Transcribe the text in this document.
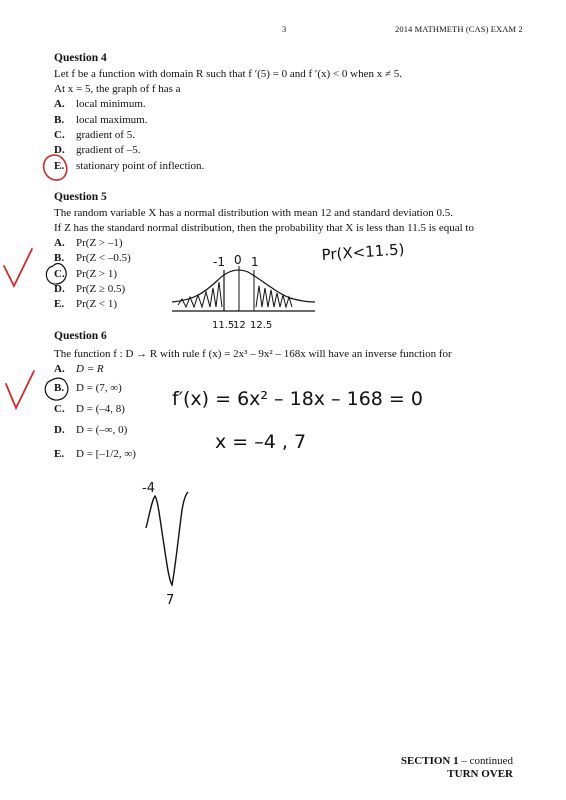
3	2014 MATHMETH (CAS) EXAM 2
Question 4
Let f be a function with domain R such that f ′(5) = 0 and f ′(x) < 0 when x ≠ 5.
At x = 5, the graph of f has a
A. local minimum.
B. local maximum.
C. gradient of 5.
D. gradient of –5.
E. stationary point of inflection.
Question 5
The random variable X has a normal distribution with mean 12 and standard deviation 0.5.
If Z has the standard normal distribution, then the probability that X is less than 11.5 is equal to
A. Pr(Z > –1)
B. Pr(Z < –0.5)
C. Pr(Z > 1)
D. Pr(Z ≥ 0.5)
E. Pr(Z < 1)
Question 6
The function f : D → R with rule f (x) = 2x³ – 9x² – 168x will have an inverse function for
A. D = R
B. D = (7, ∞)
C. D = (–4, 8)
D. D = (–∞, 0)
E. D = [–1/2, ∞)
Pr(X<11.5)
-1 0 1
11.5
12 12.5
f′(x) = 6x² – 18x – 168 = 0
x = –4 , 7
-4
7
SECTION 1 – continued
TURN OVER
